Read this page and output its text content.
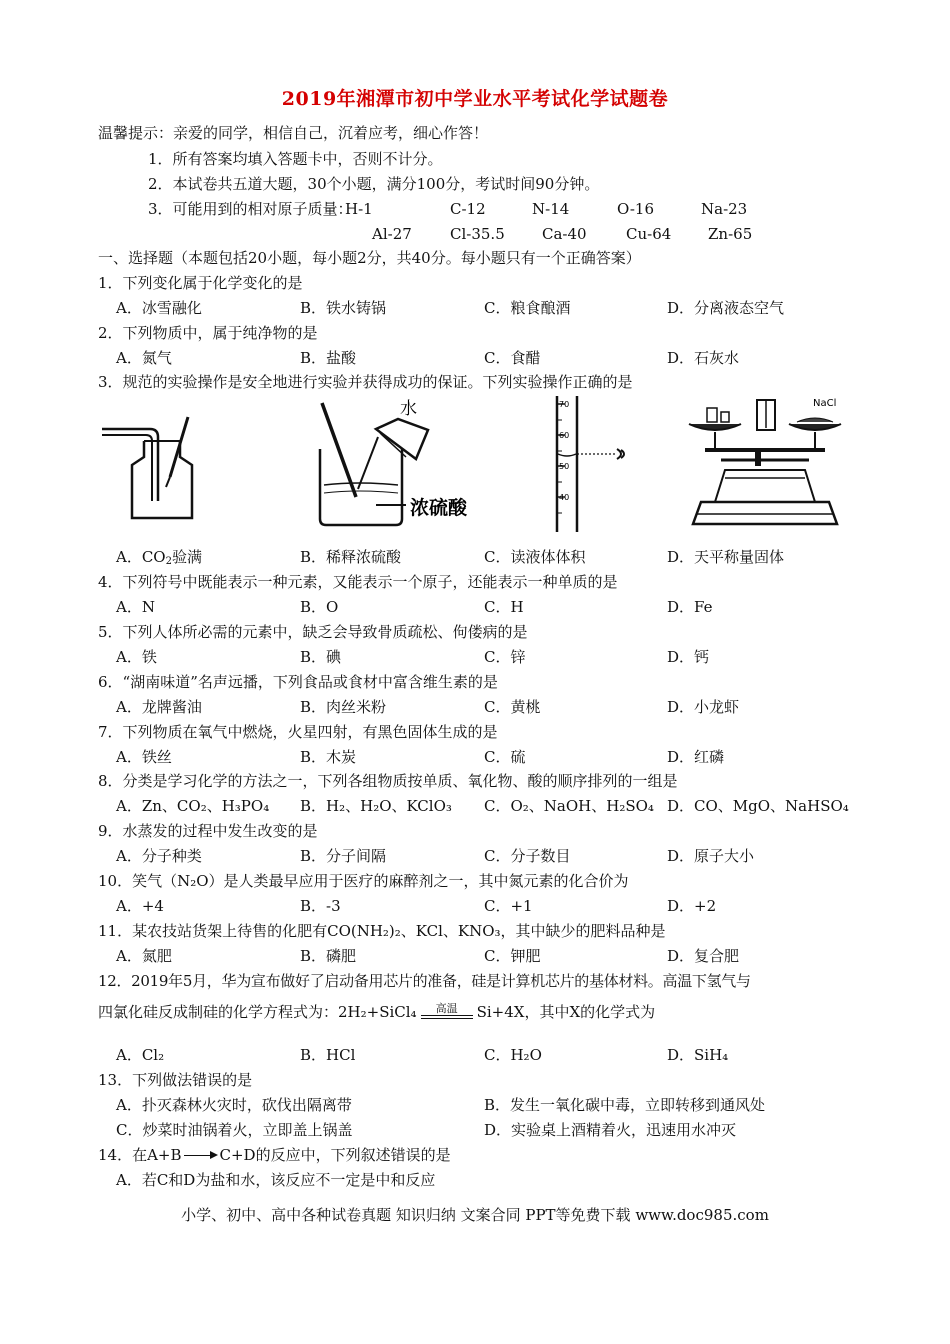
2019年湘潭市初中学业水平考试化学试题卷
温馨提示：亲爱的同学，相信自己，沉着应考，细心作答！
1．所有答案均填入答题卡中，否则不计分。
2．本试卷共五道大题，30个小题，满分100分，考试时间90分钟。
3．可能用到的相对原子质量：
H-1	C-12	N-14	O-16	Na-23
Al-27	Cl-35.5 Ca-40	Cu-64 Zn-65
一、选择题（本题包括20小题，每小题2分，共40分。每小题只有一个正确答案）
1．下列变化属于化学变化的是
A．冰雪融化	B．铁水铸锅	C．粮食酿酒	D．分离液态空气
2．下列物质中，属于纯净物的是
A．氮气	B．盐酸	C．食醋	D．石灰水
3．规范的实验操作是安全地进行实验并获得成功的保证。下列实验操作正确的是
水
浓硫酸
70
60
50
40
NaCl
A．$CO_2$验满	B．稀释浓硫酸	C．读液体体积	D．天平称量固体
4．下列符号中既能表示一种元素，又能表示一个原子，还能表示一种单质的是
A．N	B．O	C．H	D．Fe
5．下列人体所必需的元素中，缺乏会导致骨质疏松、佝偻病的是
A．铁	B．碘	C．锌	D．钙
6．“湖南味道”名声远播，下列食品或食材中富含维生素的是
A．龙牌酱油	B．肉丝米粉	C．黄桃	D．小龙虾
7．下列物质在氧气中燃烧，火星四射，有黑色固体生成的是
A．铁丝	B．木炭	C．硫	D．红磷
8．分类是学习化学的方法之一，下列各组物质按单质、氧化物、酸的顺序排列的一组是
A．Zn、CO₂、H₃PO₄ B．H₂、H₂O、KClO₃ C．O₂、NaOH、H₂SO₄ D．CO、MgO、NaHSO₄
9．水蒸发的过程中发生改变的是
A．分子种类	B．分子间隔	C．分子数目	D．原子大小
10．笑气（N₂O）是人类最早应用于医疗的麻醉剂之一，其中氮元素的化合价为
A．+4	B．-3	C．+1	D．+2
11．某农技站货架上待售的化肥有CO(NH₂)₂、KCl、KNO₃，其中缺少的肥料品种是
A．氮肥	B．磷肥	C．钾肥	D．复合肥
12．2019年5月，华为宣布做好了启动备用芯片的准备，硅是计算机芯片的基体材料。高温下氢气与
四氯化硅反成制硅的化学方程式为：2H₂+SiCl₄	高温	Si+4X，其中X的化学式为
A．Cl₂	B．HCl	C．H₂O	D．SiH₄
13．下列做法错误的是
A．扑灭森林火灾时，砍伐出隔离带	B．发生一氧化碳中毒，立即转移到通风处
C．炒菜时油锅着火，立即盖上锅盖	D．实验桌上酒精着火，迅速用水冲灭
14．在A+B	C+D的反应中，下列叙述错误的是
A．若C和D为盐和水，该反应不一定是中和反应
小学、初中、高中各种试卷真题 知识归纳 文案合同 PPT等免费下载 www.doc985.com
